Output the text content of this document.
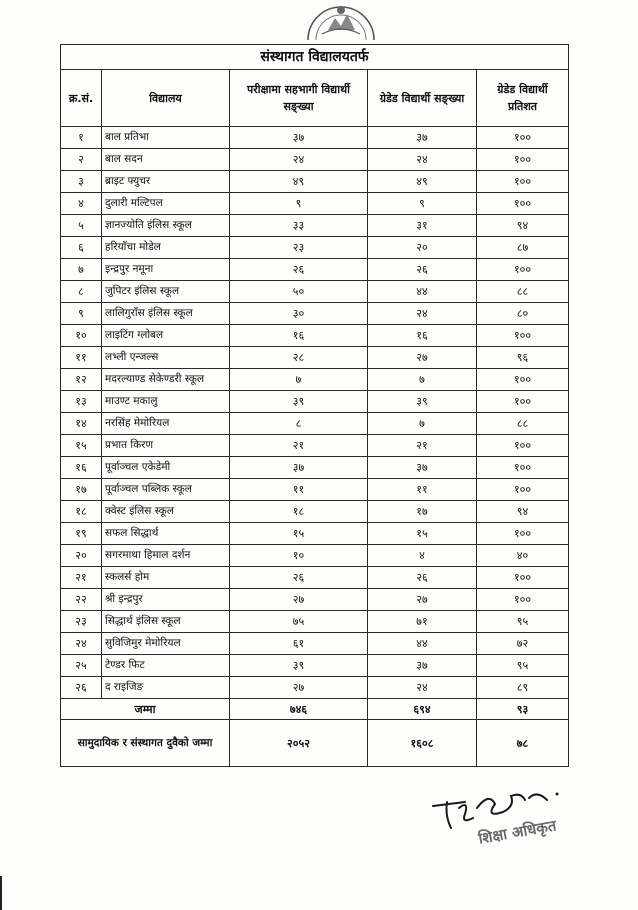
संस्थागत विद्यालयतर्फ				
क्र.सं.	विद्यालय	परीक्षामा सहभागी विद्यार्थी सङ्ख्या	ग्रेडेड विद्यार्थी सङ्ख्या	ग्रेडेड विद्यार्थी प्रतिशत
१	बाल प्रतिभा	३७	३७	१००
२	बाल सदन	२४	२४	१००
३	ब्राइट फ्युचर	४९	४९	१००
४	दुलारी मल्टिपल	९	९	१००
५	ज्ञानज्योति इंलिस स्कूल	३३	३१	९४
६	हरियाँचा मोडेल	२३	२०	८७
७	इन्द्रपुर नमूना	२६	२६	१००
८	जुपिटर इंलिस स्कूल	५०	४४	८८
९	लालिगुराँस इंलिस स्कूल	३०	२४	८०
१०	लाइटिंग ग्लोबल	१६	१६	१००
११	लभ्ली एन्जल्स	२८	२७	९६
१२	मदरल्याण्ड सेकेण्डरी स्कूल	७	७	१००
१३	माउण्ट मकालु	३९	३९	१००
१४	नरसिंह मेमोरियल	८	७	८८
१५	प्रभात किरण	२१	२१	१००
१६	पूर्वाञ्चल एकेडेमी	३७	३७	१००
१७	पूर्वाञ्चल पब्लिक स्कूल	११	११	१००
१८	क्वेस्ट इंलिस स्कूल	१८	१७	९४
१९	सफल सिद्धार्थ	१५	१५	१००
२०	सगरमाथा हिमाल दर्शन	१०	४	४०
२१	स्कलर्स होम	२६	२६	१००
२२	श्री इन्द्रपुर	२७	२७	१००
२३	सिद्धार्थ इंलिस स्कूल	७५	७१	९५
२४	सुविजिमुर मेमोरियल	६१	४४	७२
२५	टेण्डर फिट	३९	३७	९५
२६	द राइजिङ	२७	२४	८९
जम्मा		७४६	६९४	९३
सामुदायिक र संस्थागत दुवैको जम्मा		२०५२	१६०८	७८
शिक्षा अधिकृत
